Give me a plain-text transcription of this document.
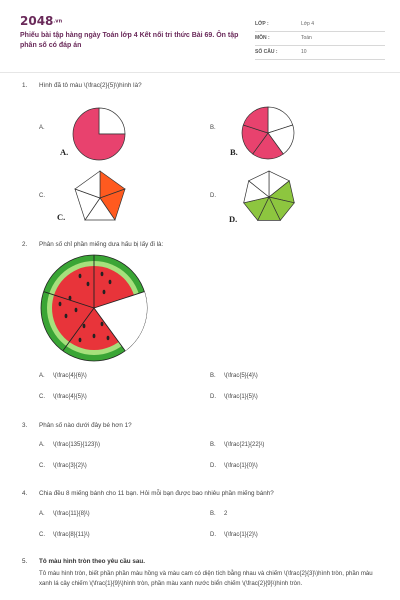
2048.vn
Phiếu bài tập hàng ngày Toán lớp 4 Kết nối tri thức Bài 69. Ôn tập phân số có đáp án
LỚP :	Lớp 4
MÔN :	Toán
SỐ CÂU :	10
1. Hình đã tô màu \(\frac{2}{5}\)hình là?
A.
A.
B.
B.
C.
C.
D.
D.
2. Phân số chỉ phần miếng dưa hấu bị lấy đi là:
A. \(\frac{4}{6}\)	B. \(\frac{5}{4}\)
C. \(\frac{4}{5}\)	D. \(\frac{1}{5}\)
3. Phân số nào dưới đây bé hơn 1?
A. \(\frac{135}{123}\)	B. \(\frac{21}{22}\)
C. \(\frac{3}{2}\)	D. \(\frac{1}{0}\)
4. Chia đều 8 miếng bánh cho 11 bạn. Hỏi mỗi bạn được bao nhiêu phần miếng bánh?
A. \(\frac{11}{8}\)	B. 2
C. \(\frac{8}{11}\)	D. \(\frac{1}{2}\)
5. Tô màu hình tròn theo yêu cầu sau.
Tô màu hình tròn, biết phần phần màu hồng và màu cam có diện tích bằng nhau và chiếm \(\frac{2}{3}\)hình tròn, phần màu xanh lá cây chiếm \(\frac{1}{9}\)hình tròn, phần màu xanh nước biển chiếm \(\frac{2}{9}\)hình tròn.
